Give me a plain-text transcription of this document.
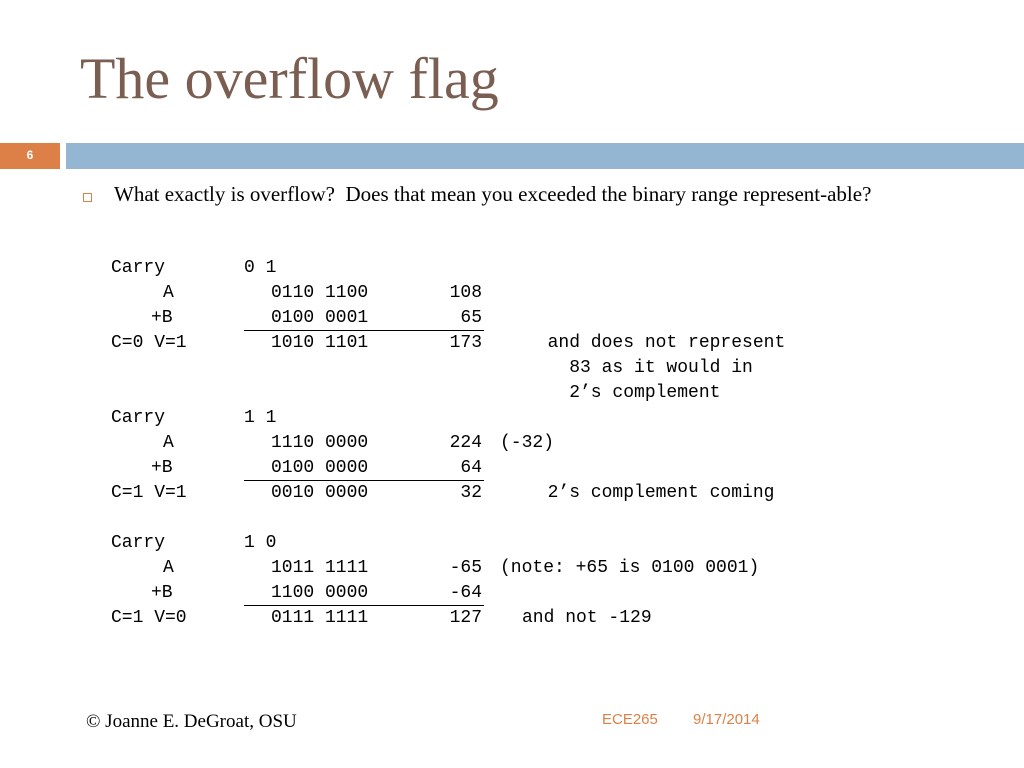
The overflow flag
6
What exactly is overflow?  Does that mean you exceeded the binary range represent-able?
Carry	0 1
A	0110 1100	108
+B	0100 0001	65
C=0 V=1	1010 1101	173	and does not represent
83 as it would in
2’s complement
Carry	1 1
A	1110 0000	224 (-32)
+B	0100 0000	64
C=1 V=1	0010 0000	32 2’s complement coming
Carry	1 0
A	1011 1111	-65 (note: +65 is 0100 0001)
+B	1100 0000	-64
C=1 V=0	0111 1111	127 and not -129
© Joanne E. DeGroat, OSU	ECE265 9/17/2014
